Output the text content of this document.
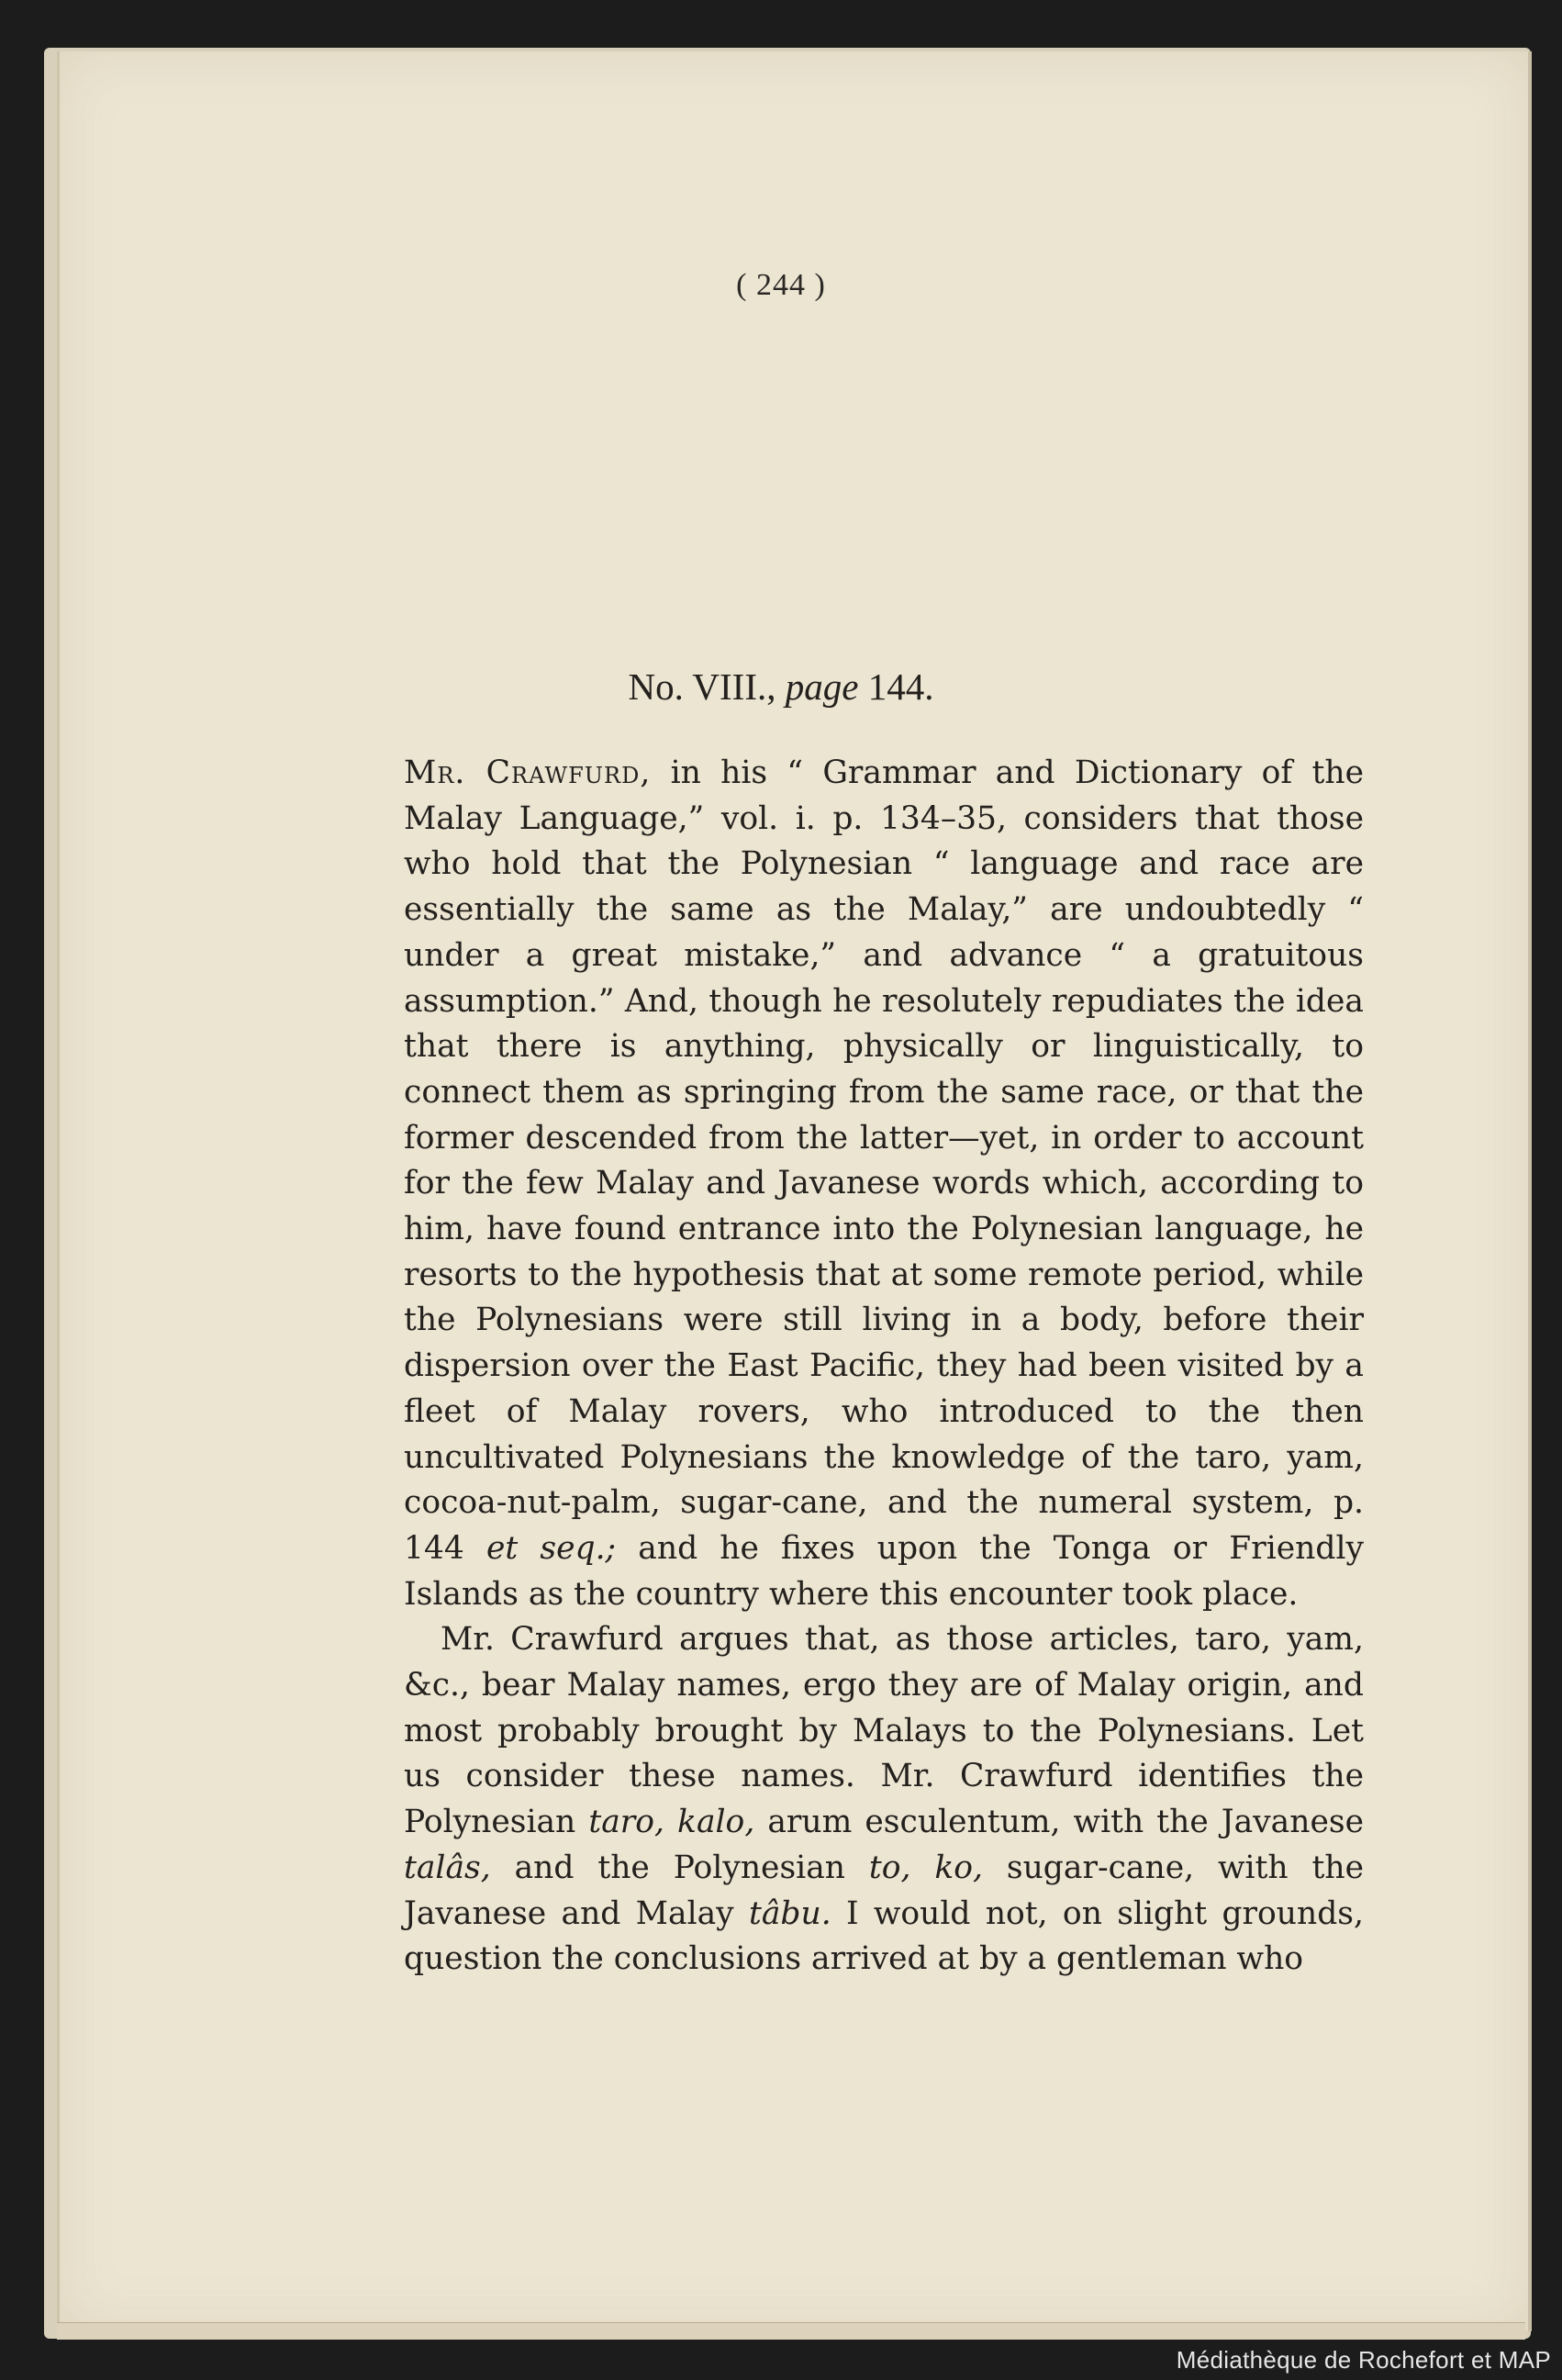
( 244 )
No. VIII., page 144.

Mr. Crawfurd, in his “ Grammar and Dictionary of the Malay Language,” vol. i. p. 134–35, considers that those who hold that the Polynesian “ language and race are essentially the same as the Malay,” are undoubtedly “ under a great mistake,” and advance “ a gratuitous assumption.” And, though he resolutely repudiates the idea that there is anything, physically or linguistically, to connect them as springing from the same race, or that the former descended from the latter—yet, in order to account for the few Malay and Javanese words which, according to him, have found entrance into the Polynesian language, he resorts to the hypothesis that at some remote period, while the Polynesians were still living in a body, before their dispersion over the East Pacific, they had been visited by a fleet of Malay rovers, who introduced to the then uncultivated Polynesians the knowledge of the taro, yam, cocoa-nut-palm, sugar-cane, and the numeral system, p. 144 et seq.; and he fixes upon the Tonga or Friendly Islands as the country where this encounter took place.

Mr. Crawfurd argues that, as those articles, taro, yam, &c., bear Malay names, ergo they are of Malay origin, and most probably brought by Malays to the Polynesians. Let us consider these names. Mr. Crawfurd identifies the Polynesian taro, kalo, arum esculentum, with the Javanese talâs, and the Polynesian to, ko, sugar-cane, with the Javanese and Malay tâbu. I would not, on slight grounds, question the conclusions arrived at by a gentleman who

Médiathèque de Rochefort et MAP
